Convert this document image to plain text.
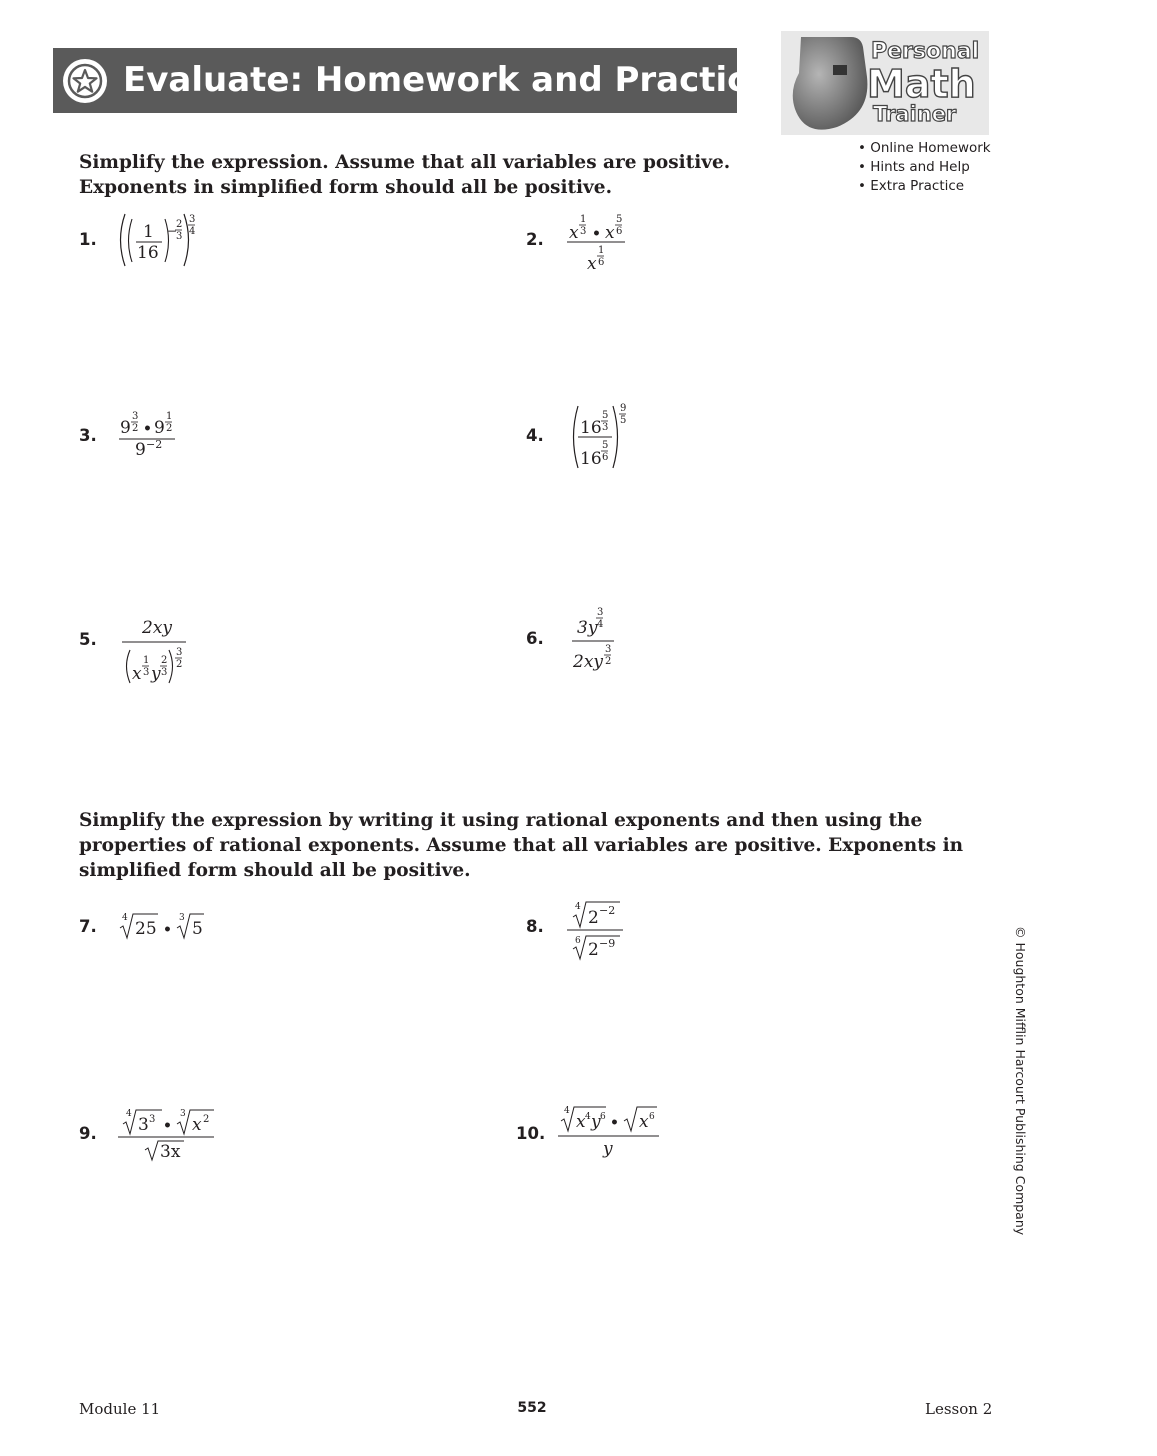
Evaluate: Homework and Practice
Personal
Math
Trainer
• Online Homework
• Hints and Help
• Extra Practice
Simplify the expression. Assume that all variables are positive.
Exponents in simplified form should all be positive.
1.	2.
3.	4.
5.	6.
7.	8.
9.	10.
1
16
−
2
3
3
4	x
1
3 • x
5
6
x
1
6
9
3
2 • 9
1
2
9 −2
16
5
3
16
5
6
9
5
2xy
x
1
3 y
2
3
3
2
3y
3
4
2xy
3
2
Simplify the expression by writing it using rational exponents and then using the
properties of rational exponents. Assume that all variables are positive. Exponents in
simplified form should all be positive.
4
25 •
3
5
4
2 −2
6 2 −9
4
3 3 •
3
x 2
3x
4
x 4 y 6 • x 6
y	© Houghton Mifflin Harcourt Publishing Company
Module 11	552	Lesson 2
